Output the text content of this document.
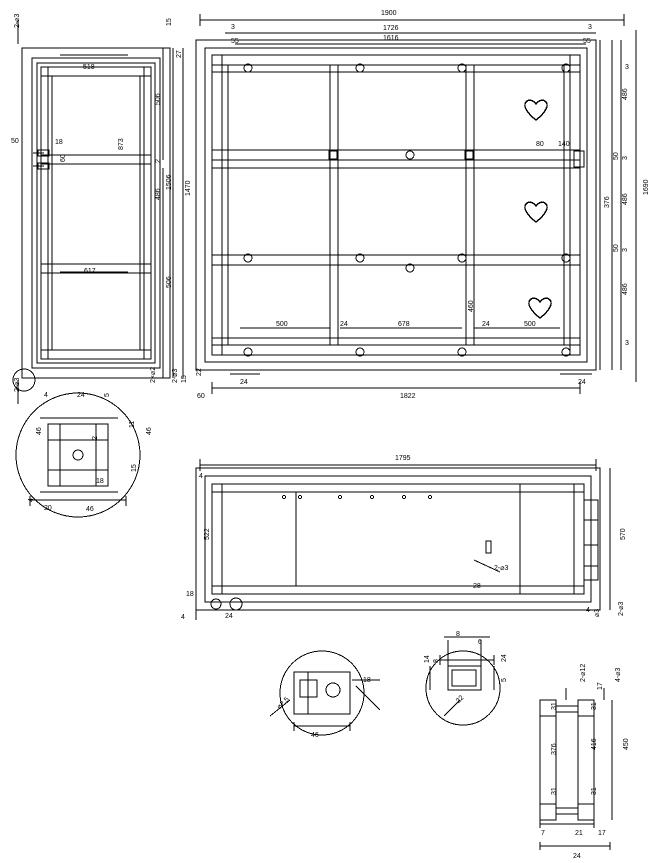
2-⌀3	15
27
518
506
50	18
60
873
2
1470
1506
486
617
506
24
4
2-⌀3
2×⌀2 2-⌀3 15
22
60
5
46
11
46
2
18
15
4
20	46
1900
1726
1616
3
55
3
55
3
486
80 140
50 3
1690
486
376
50 3
486
500	24	678
460
24	500
3
24	24
1822
1795
4
522	570
2-⌀3
28
18
4	24
4 ⌀3 2-⌀3
46
18
⌀2.5
8
6
24
5
14 8
22
2-⌀12
17
4-⌀3
31	31
376	416	450
31	31
7	21 17
24
